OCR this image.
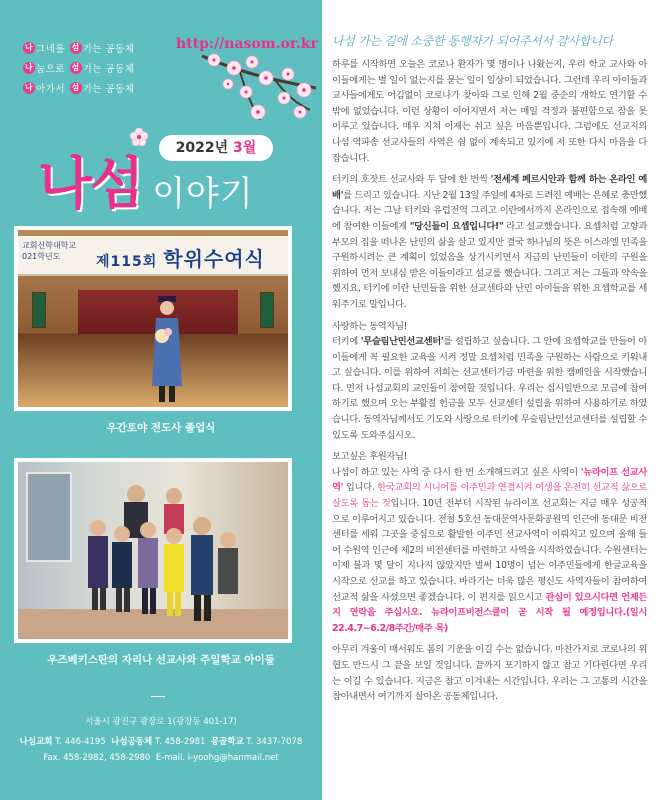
나 그네를
섬 기는 공동체
나 눔으로
섬 기는 공동체
나 아가서
섬 기는 공동체
http://nasom.or.kr
2022년 3월
나섬 이야기
교회신학대학교
021학년도	제115회 학위수여식
우간토야 전도사 졸업식
우즈베키스탄의 자리나 선교사와 주일학교 아이들
서울시 광진구 광장로 1(광장동 401-17)
나섬교회 T. 446-4195 나섬공동체 T. 458-2981 몽골학교 T. 3437-7078
Fax. 458-2982, 458-2980 E-mail. i-yoohg@hanmail.net
나섬 가는 길에 소중한 동행자가 되어주셔서 감사합니다

하루를 시작하면 오늘은 코로나 환자가 몇 명이나 나왔는지, 우리 학교 교사와 아이들에게는 별 일이 없는지를 묻는 일이 일상이 되었습니다. 그런데 우리 아이들과 교사들에게도 어김없이 코로나가 찾아와 그로 인해 2월 중순의 개학도 연기할 수밖에 없었습니다. 이런 상황이 이어지면서 저는 매일 걱정과 불편함으로 잠을 못 이루고 있습니다. 매우 지쳐 이제는 쉬고 싶은 마음뿐입니다. 그럼에도 선교지의 나섬 역파송 선교사들의 사역은 쉼 없이 계속되고 있기에 저 또한 다시 마음을 다잡습니다.

터키의 호잣트 선교사와 두 달에 한 번씩 '전세계 페르시안과 함께 하는 온라인 예배'를 드리고 있습니다. 지난 2월 13일 주일에 4차로 드려진 예배는 은혜로 충만했습니다. 저는 그날 터키와 유럽전역 그리고 이란에서까지 온라인으로 접속해 예배에 참여한 이들에게 "당신들이 요셉입니다!" 라고 설교했습니다. 요셉처럼 고향과 부모의 집을 떠나온 난민의 삶을 살고 있지만 결국 하나님의 뜻은 이스라엘 민족을 구원하시려는 큰 계획이 있었음을 상기시키면서 지금의 난민들이 이란의 구원을 위하여 먼저 보내심 받은 이들이라고 설교를 했습니다. 그리고 저는 그들과 약속을 했지요, 터키에 이란 난민들을 위한 선교센타와 난민 아이들을 위한 요셉학교를 세워주기로 말입니다.

사랑하는 동역자님!
터키에 '무슬림난민선교센터'를 설립하고 싶습니다. 그 안에 요셉학교를 만들어 아이들에게 꼭 필요한 교육을 시켜 정말 요셉처럼 민족을 구원하는 사람으로 키워내고 싶습니다. 이를 위하여 저희는 선교센터기금 마련을 위한 캠페인을 시작했습니다. 먼저 나섬교회의 교인들이 참여할 것입니다. 우리는 십시일반으로 모금에 참여하기로 했으며 오는 부활절 헌금을 모두 선교센터 설립을 위하여 사용하기로 하였습니다. 동역자님께서도 기도와 사랑으로 터키에 무슬림난민선교센터를 설립할 수 있도록 도와주십시오.

보고싶은 후원자님!
나섬이 하고 있는 사역 중 다시 한 번 소개해드리고 싶은 사역이 '뉴라이프 선교사역' 입니다. 한국교회의 시니어를 이주민과 연결시켜 여생을 온전히 선교적 삶으로 살도록 돕는 것입니다. 10년 전부터 시작된 뉴라이프 선교회는 지금 매우 성공적으로 이루어지고 있습니다. 전철 5호선 동대문역사문화공원역 인근에 동대문 비전센터를 세워 그곳을 중심으로 활발한 이주민 선교사역이 이뤄지고 있으며 올해 들어 수원역 인근에 제2의 비전센터를 마련하고 사역을 시작하였습니다. 수원센터는 이제 불과 몇 달이 지나지 않았지만 벌써 10명이 넘는 이주민들에게 한글교육을 시작으로 선교를 하고 있습니다. 바라기는 더욱 많은 평신도 사역자들이 참여하여 선교적 삶을 사셨으면 좋겠습니다. 이 편지를 읽으시고 관심이 있으시다면 언제든지 연락을 주십시오. 뉴라이프비전스쿨이 곧 시작 될 예정입니다.(일시 22.4.7~6.2/8주간/매주 목)

아무리 겨울이 매서워도 봄의 기운을 이길 수는 없습니다. 마찬가지로 코로나의 위협도 반드시 그 끝을 보일 것입니다. 끝까지 포기하지 않고 참고 기다린다면 우리는 이길 수 있습니다. 지금은 참고 이겨내는 시간입니다. 우리는 그 고통의 시간을 참아내면서 여기까지 살아온 공동체입니다.
